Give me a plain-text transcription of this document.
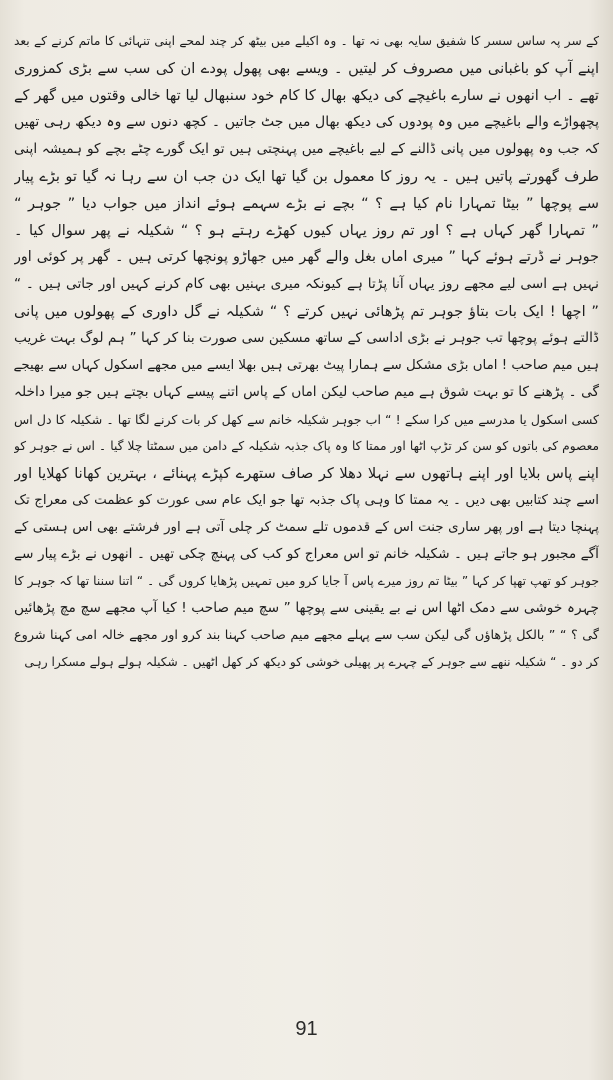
کے سر پہ ساس سسر کا شفیق سایہ بھی نہ تھا ۔ وہ اکیلے میں بیٹھ کر چند لمحے اپنی تنہائی کا ماتم کرنے کے بعد
اپنے آپ کو باغبانی میں مصروف کر لیتیں ۔ ویسے بھی پھول پودے ان کی سب سے بڑی کمزوری
تھے ۔ اب انھوں نے سارے باغیچے کی دیکھ بھال کا کام خود سنبھال لیا تھا خالی وقتوں میں گھر کے
پچھواڑے والے باغیچے میں وہ پودوں کی دیکھ بھال میں جٹ جاتیں ۔ کچھ دنوں سے وہ دیکھ رہی تھیں
کہ جب وہ پھولوں میں پانی ڈالنے کے لیے باغیچے میں پہنچتی ہیں تو ایک گورے چٹے بچے کو ہمیشہ اپنی
طرف گھورتے پاتیں ہیں ۔ یہ روز کا معمول بن گیا تھا ایک دن جب ان سے رہا نہ گیا تو بڑے پیار
سے پوچھا ” بیٹا تمہارا نام کیا ہے ؟ “ بچے نے بڑے سہمے ہوئے انداز میں جواب دیا ” جوہر “
” تمہارا گھر کہاں ہے ؟ اور تم روز یہاں کیوں کھڑے رہتے ہو ؟ “ شکیلہ نے پھر سوال کیا ۔
جوہر نے ڈرتے ہوئے کہا ” میری اماں بغل والے گھر میں جھاڑو پونچھا کرتی ہیں ۔ گھر پر کوئی اور
نہیں ہے اسی لیے مجھے روز یہاں آنا پڑتا ہے کیونکہ میری بہنیں بھی کام کرنے کہیں اور جاتی ہیں ۔ “
” اچھا ! ایک بات بتاؤ جوہر تم پڑھائی نہیں کرتے ؟ “ شکیلہ نے گل داوری کے پھولوں میں پانی
ڈالتے ہوئے پوچھا تب جوہر نے بڑی اداسی کے ساتھ مسکین سی صورت بنا کر کہا ” ہم لوگ بہت غریب
ہیں میم صاحب ! اماں بڑی مشکل سے ہمارا پیٹ بھرتی ہیں بھلا ایسے میں مجھے اسکول کہاں سے بھیجے
گی ۔ پڑھنے کا تو بہت شوق ہے میم صاحب لیکن اماں کے پاس اتنے پیسے کہاں بچتے ہیں جو میرا داخلہ
کسی اسکول یا مدرسے میں کرا سکے ! “ اب جوہر شکیلہ خانم سے کھل کر بات کرنے لگا تھا ۔ شکیلہ کا دل اس
معصوم کی باتوں کو سن کر تڑپ اٹھا اور ممتا کا وہ پاک جذبہ شکیلہ کے دامن میں سمٹتا چلا گیا ۔ اس نے جوہر کو
اپنے پاس بلایا اور اپنے ہاتھوں سے نہلا دھلا کر صاف ستھرے کپڑے پہنائے ، بہترین کھانا کھلایا اور
اسے چند کتابیں بھی دیں ۔ یہ ممتا کا وہی پاک جذبہ تھا جو ایک عام سی عورت کو عظمت کی معراج تک
پہنچا دیتا ہے اور پھر ساری جنت اس کے قدموں تلے سمٹ کر چلی آتی ہے اور فرشتے بھی اس ہستی کے
آگے مجبور ہو جاتے ہیں ۔ شکیلہ خانم تو اس معراج کو کب کی پہنچ چکی تھیں ۔ انھوں نے بڑے پیار سے
جوہر کو تھپ تھپا کر کہا ” بیٹا تم روز میرے پاس آ جایا کرو میں تمہیں پڑھایا کروں گی ۔ “ اتنا سننا تھا کہ جوہر کا
چہرہ خوشی سے دمک اٹھا اس نے بے یقینی سے پوچھا ” سچ میم صاحب ! کیا آپ مجھے سچ مچ پڑھائیں
گی ؟ “ ” بالکل پڑھاؤں گی لیکن سب سے پہلے مجھے میم صاحب کہنا بند کرو اور مجھے خالہ امی کہنا شروع
کر دو ۔ “ شکیلہ ننھے سے جوہر کے چہرے پر پھیلی خوشی کو دیکھ کر کھل اٹھیں ۔ شکیلہ ہولے ہولے مسکرا رہی
91
